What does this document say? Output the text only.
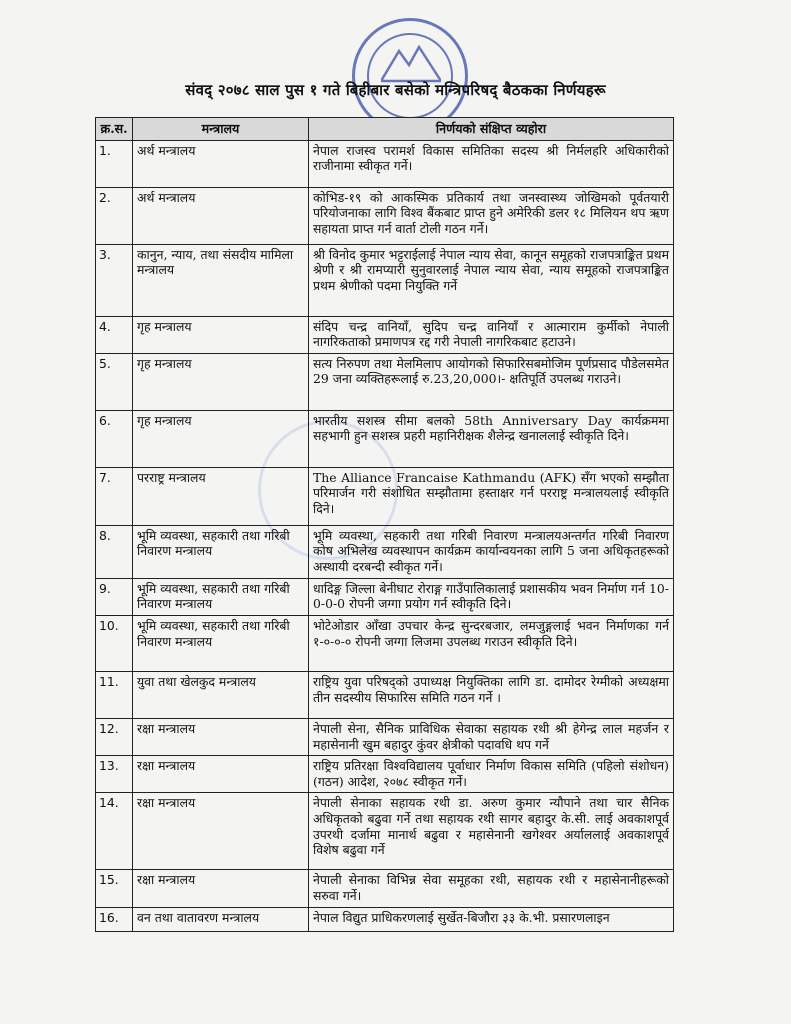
संवद् २०७८ साल पुस १ गते बिहीबार बसेको मन्त्रिपरिषद् बैठकका निर्णयहरू
क्र.स.	मन्त्रालय	निर्णयको संक्षिप्त व्यहोरा
1.	अर्थ मन्त्रालय	नेपाल राजस्व परामर्श विकास समितिका सदस्य श्री निर्मलहरि अधिकारीको राजीनामा स्वीकृत गर्ने।
2.	अर्थ मन्त्रालय	कोभिड-१९ को आकस्मिक प्रतिकार्य तथा जनस्वास्थ्य जोखिमको पूर्वतयारी परियोजनाका लागि विश्व बैंकबाट प्राप्त हुने अमेरिकी डलर १८ मिलियन थप ऋण सहायता प्राप्त गर्न वार्ता टोली गठन गर्ने।
3.	कानुन, न्याय, तथा संसदीय मामिला मन्त्रालय	श्री विनोद कुमार भट्टराईलाई नेपाल न्याय सेवा, कानून समूहको राजपत्राङ्कित प्रथम श्रेणी र श्री रामप्यारी सुनुवारलाई नेपाल न्याय सेवा, न्याय समूहको राजपत्राङ्कित प्रथम श्रेणीको पदमा नियुक्ति गर्ने
4.	गृह मन्त्रालय	संदिप चन्द्र वानियाँ, सुदिप चन्द्र वानियाँ र आत्माराम कुर्मीको नेपाली नागरिकताको प्रमाणपत्र रद्द गरी नेपाली नागरिकबाट हटाउने।
5.	गृह मन्त्रालय	सत्य निरुपण तथा मेलमिलाप आयोगको सिफारिसबमोजिम पूर्णप्रसाद पौडेलसमेत 29 जना व्यक्तिहरूलाई रु.23,20,000।- क्षतिपूर्ति उपलब्ध गराउने।
6.	गृह मन्त्रालय	भारतीय सशस्त्र सीमा बलको 58th Anniversary Day कार्यक्रममा सहभागी हुन सशस्त्र प्रहरी महानिरीक्षक शैलेन्द्र खनाललाई स्वीकृति दिने।
7.	परराष्ट्र मन्त्रालय	The Alliance Francaise Kathmandu (AFK) सँग भएको सम्झौता परिमार्जन गरी संशोधित सम्झौतामा हस्ताक्षर गर्न परराष्ट्र मन्त्रालयलाई स्वीकृति दिने।
8.	भूमि व्यवस्था, सहकारी तथा गरिबी निवारण मन्त्रालय	भूमि व्यवस्था, सहकारी तथा गरिबी निवारण मन्त्रालयअन्तर्गत गरिबी निवारण कोष अभिलेख व्यवस्थापन कार्यक्रम कार्यान्वयनका लागि 5 जना अधिकृतहरूको अस्थायी दरबन्दी स्वीकृत गर्ने।
9.	भूमि व्यवस्था, सहकारी तथा गरिबी निवारण मन्त्रालय	धादिङ्ग जिल्ला बेनीघाट रोराङ्ग गाउँपालिकालाई प्रशासकीय भवन निर्माण गर्न 10-0-0-0 रोपनी जग्गा प्रयोग गर्न स्वीकृति दिने।
10.	भूमि व्यवस्था, सहकारी तथा गरिबी निवारण मन्त्रालय	भोटेओडार आँखा उपचार केन्द्र सुन्दरबजार, लमजुङ्गलाई भवन निर्माणका गर्न १-०-०-० रोपनी जग्गा लिजमा उपलब्ध गराउन स्वीकृति दिने।
11.	युवा तथा खेलकुद मन्त्रालय	राष्ट्रिय युवा परिषद्को उपाध्यक्ष नियुक्तिका लागि डा. दामोदर रेग्मीको अध्यक्षमा तीन सदस्यीय सिफारिस समिति गठन गर्ने ।
12.	रक्षा मन्त्रालय	नेपाली सेना, सैनिक प्राविधिक सेवाका सहायक रथी श्री हेगेन्द्र लाल महर्जन र महासेनानी खुम बहादुर कुंवर क्षेत्रीको पदावधि थप गर्ने
13.	रक्षा मन्त्रालय	राष्ट्रिय प्रतिरक्षा विश्वविद्यालय पूर्वाधार निर्माण विकास समिति (पहिलो संशोधन) (गठन) आदेश, २०७८ स्वीकृत गर्ने।
14.	रक्षा मन्त्रालय	नेपाली सेनाका सहायक रथी डा. अरुण कुमार न्यौपाने तथा चार सैनिक अधिकृतको बढुवा गर्ने तथा सहायक रथी सागर बहादुर के.सी. लाई अवकाशपूर्व उपरथी दर्जामा मानार्थ बढुवा र महासेनानी खगेश्वर अर्याललाई अवकाशपूर्व विशेष बढुवा गर्ने
15.	रक्षा मन्त्रालय	नेपाली सेनाका विभिन्न सेवा समूहका रथी, सहायक रथी र महासेनानीहरूको सरुवा गर्ने।
16.	वन तथा वातावरण मन्त्रालय	नेपाल विद्युत प्राधिकरणलाई सुर्खेत-बिजौरा ३३ के.भी. प्रसारणलाइन
